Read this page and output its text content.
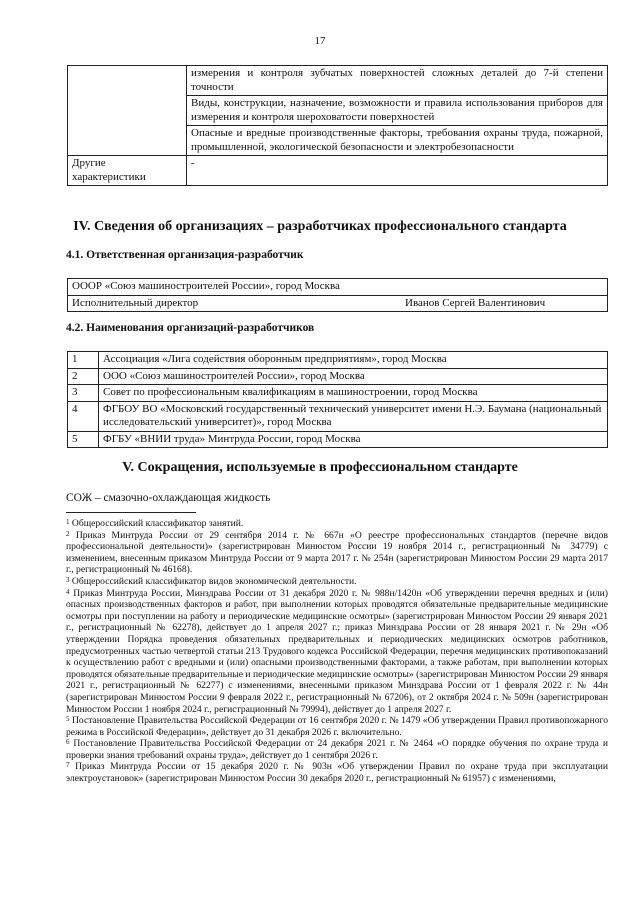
17
	измерения и контроля зубчатых поверхностей сложных деталей до 7-й степени точности
	Виды, конструкции, назначение, возможности и правила использования приборов для измерения и контроля шероховатости поверхностей
	Опасные и вредные производственные факторы, требования охраны труда, пожарной, промышленной, экологической безопасности и электробезопасности
Другие характеристики	-
IV. Сведения об организациях – разработчиках профессионального стандарта
4.1. Ответственная организация-разработчик
ОООР «Союз машиностроителей России», город Москва
Исполнительный директор	Иванов Сергей Валентинович
4.2. Наименования организаций-разработчиков
1	Ассоциация «Лига содействия оборонным предприятиям», город Москва
2	ООО «Союз машиностроителей России», город Москва
3	Совет по профессиональным квалификациям в машиностроении, город Москва
4	ФГБОУ ВО «Московский государственный технический университет имени Н.Э. Баумана (национальный исследовательский университет)», город Москва
5	ФГБУ «ВНИИ труда» Минтруда России, город Москва
V. Сокращения, используемые в профессиональном стандарте
СОЖ – смазочно-охлаждающая жидкость

$^1$ Общероссийский классификатор занятий.

$^2$ Приказ Минтруда России от 29 сентября 2014 г. № 667н «О реестре профессиональных стандартов (перечне видов профессиональной деятельности)» (зарегистрирован Минюстом России 19 ноября 2014 г., регистрационный № 34779) с изменением, внесенным приказом Минтруда России от 9 марта 2017 г. № 254н (зарегистрирован Минюстом России 29 марта 2017 г., регистрационный № 46168).

$^3$ Общероссийский классификатор видов экономической деятельности.

$^4$ Приказ Минтруда России, Минздрава России от 31 декабря 2020 г. № 988н/1420н «Об утверждении перечня вредных и (или) опасных производственных факторов и работ, при выполнении которых проводятся обязательные предварительные медицинские осмотры при поступлении на работу и периодические медицинские осмотры» (зарегистрирован Минюстом России 29 января 2021 г., регистрационный № 62278), действует до 1 апреля 2027 г.; приказ Минздрава России от 28 января 2021 г. № 29н «Об утверждении Порядка проведения обязательных предварительных и периодических медицинских осмотров работников, предусмотренных частью четвертой статьи 213 Трудового кодекса Российской Федерации, перечня медицинских противопоказаний к осуществлению работ с вредными и (или) опасными производственными факторами, а также работам, при выполнении которых проводятся обязательные предварительные и периодические медицинские осмотры» (зарегистрирован Минюстом России 29 января 2021 г., регистрационный № 62277) с изменениями, внесенными приказом Минздрава России от 1 февраля 2022 г. № 44н (зарегистрирован Минюстом России 9 февраля 2022 г., регистрационный № 67206), от 2 октября 2024 г. № 509н (зарегистрирован Минюстом России 1 ноября 2024 г., регистрационный № 79994), действует до 1 апреля 2027 г.

$^5$ Постановление Правительства Российской Федерации от 16 сентября 2020 г. № 1479 «Об утверждении Правил противопожарного режима в Российской Федерации», действует до 31 декабря 2026 г. включительно.

$^6$ Постановление Правительства Российской Федерации от 24 декабря 2021 г. № 2464 «О порядке обучения по охране труда и проверки знания требований охраны труда», действует до 1 сентября 2026 г.

$^7$ Приказ Минтруда России от 15 декабря 2020 г. № 903н «Об утверждении Правил по охране труда при эксплуатации электроустановок» (зарегистрирован Минюстом России 30 декабря 2020 г., регистрационный № 61957) с изменениями,
